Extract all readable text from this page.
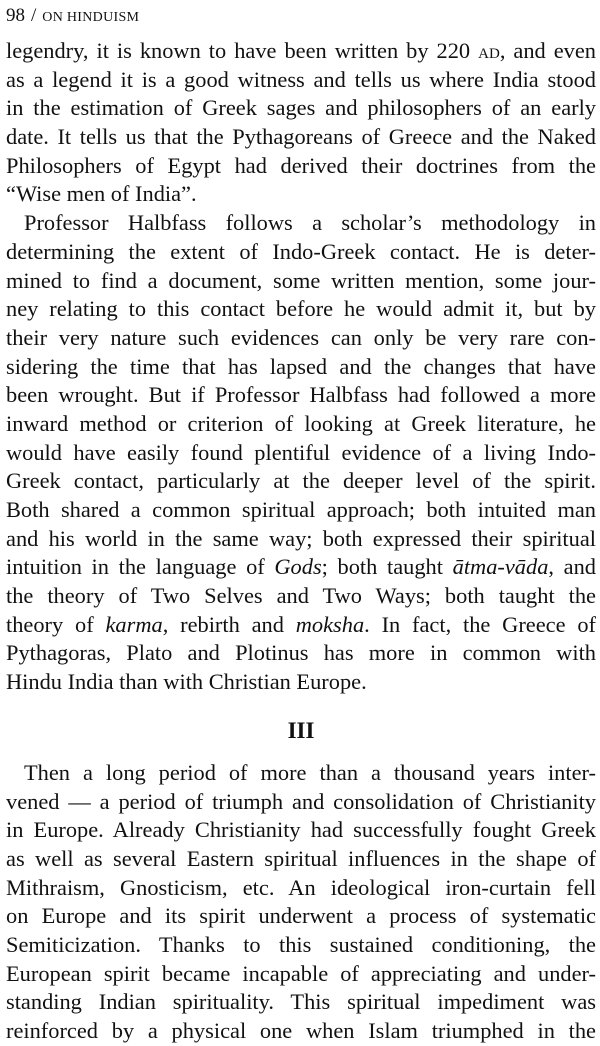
98 / ON HINDUISM
legendry, it is known to have been written by 220 AD, and even
as a legend it is a good witness and tells us where India stood
in the estimation of Greek sages and philosophers of an early
date. It tells us that the Pythagoreans of Greece and the Naked
Philosophers of Egypt had derived their doctrines from the
“Wise men of India”.
Professor Halbfass follows a scholar’s methodology in
determining the extent of Indo-Greek contact. He is deter-
mined to find a document, some written mention, some jour-
ney relating to this contact before he would admit it, but by
their very nature such evidences can only be very rare con-
sidering the time that has lapsed and the changes that have
been wrought. But if Professor Halbfass had followed a more
inward method or criterion of looking at Greek literature, he
would have easily found plentiful evidence of a living Indo-
Greek contact, particularly at the deeper level of the spirit.
Both shared a common spiritual approach; both intuited man
and his world in the same way; both expressed their spiritual
intuition in the language of Gods; both taught ātma-vāda, and
the theory of Two Selves and Two Ways; both taught the
theory of karma, rebirth and moksha. In fact, the Greece of
Pythagoras, Plato and Plotinus has more in common with
Hindu India than with Christian Europe.
III
Then a long period of more than a thousand years inter-
vened — a period of triumph and consolidation of Christianity
in Europe. Already Christianity had successfully fought Greek
as well as several Eastern spiritual influences in the shape of
Mithraism, Gnosticism, etc. An ideological iron-curtain fell
on Europe and its spirit underwent a process of systematic
Semiticization. Thanks to this sustained conditioning, the
European spirit became incapable of appreciating and under-
standing Indian spirituality. This spiritual impediment was
reinforced by a physical one when Islam triumphed in the
